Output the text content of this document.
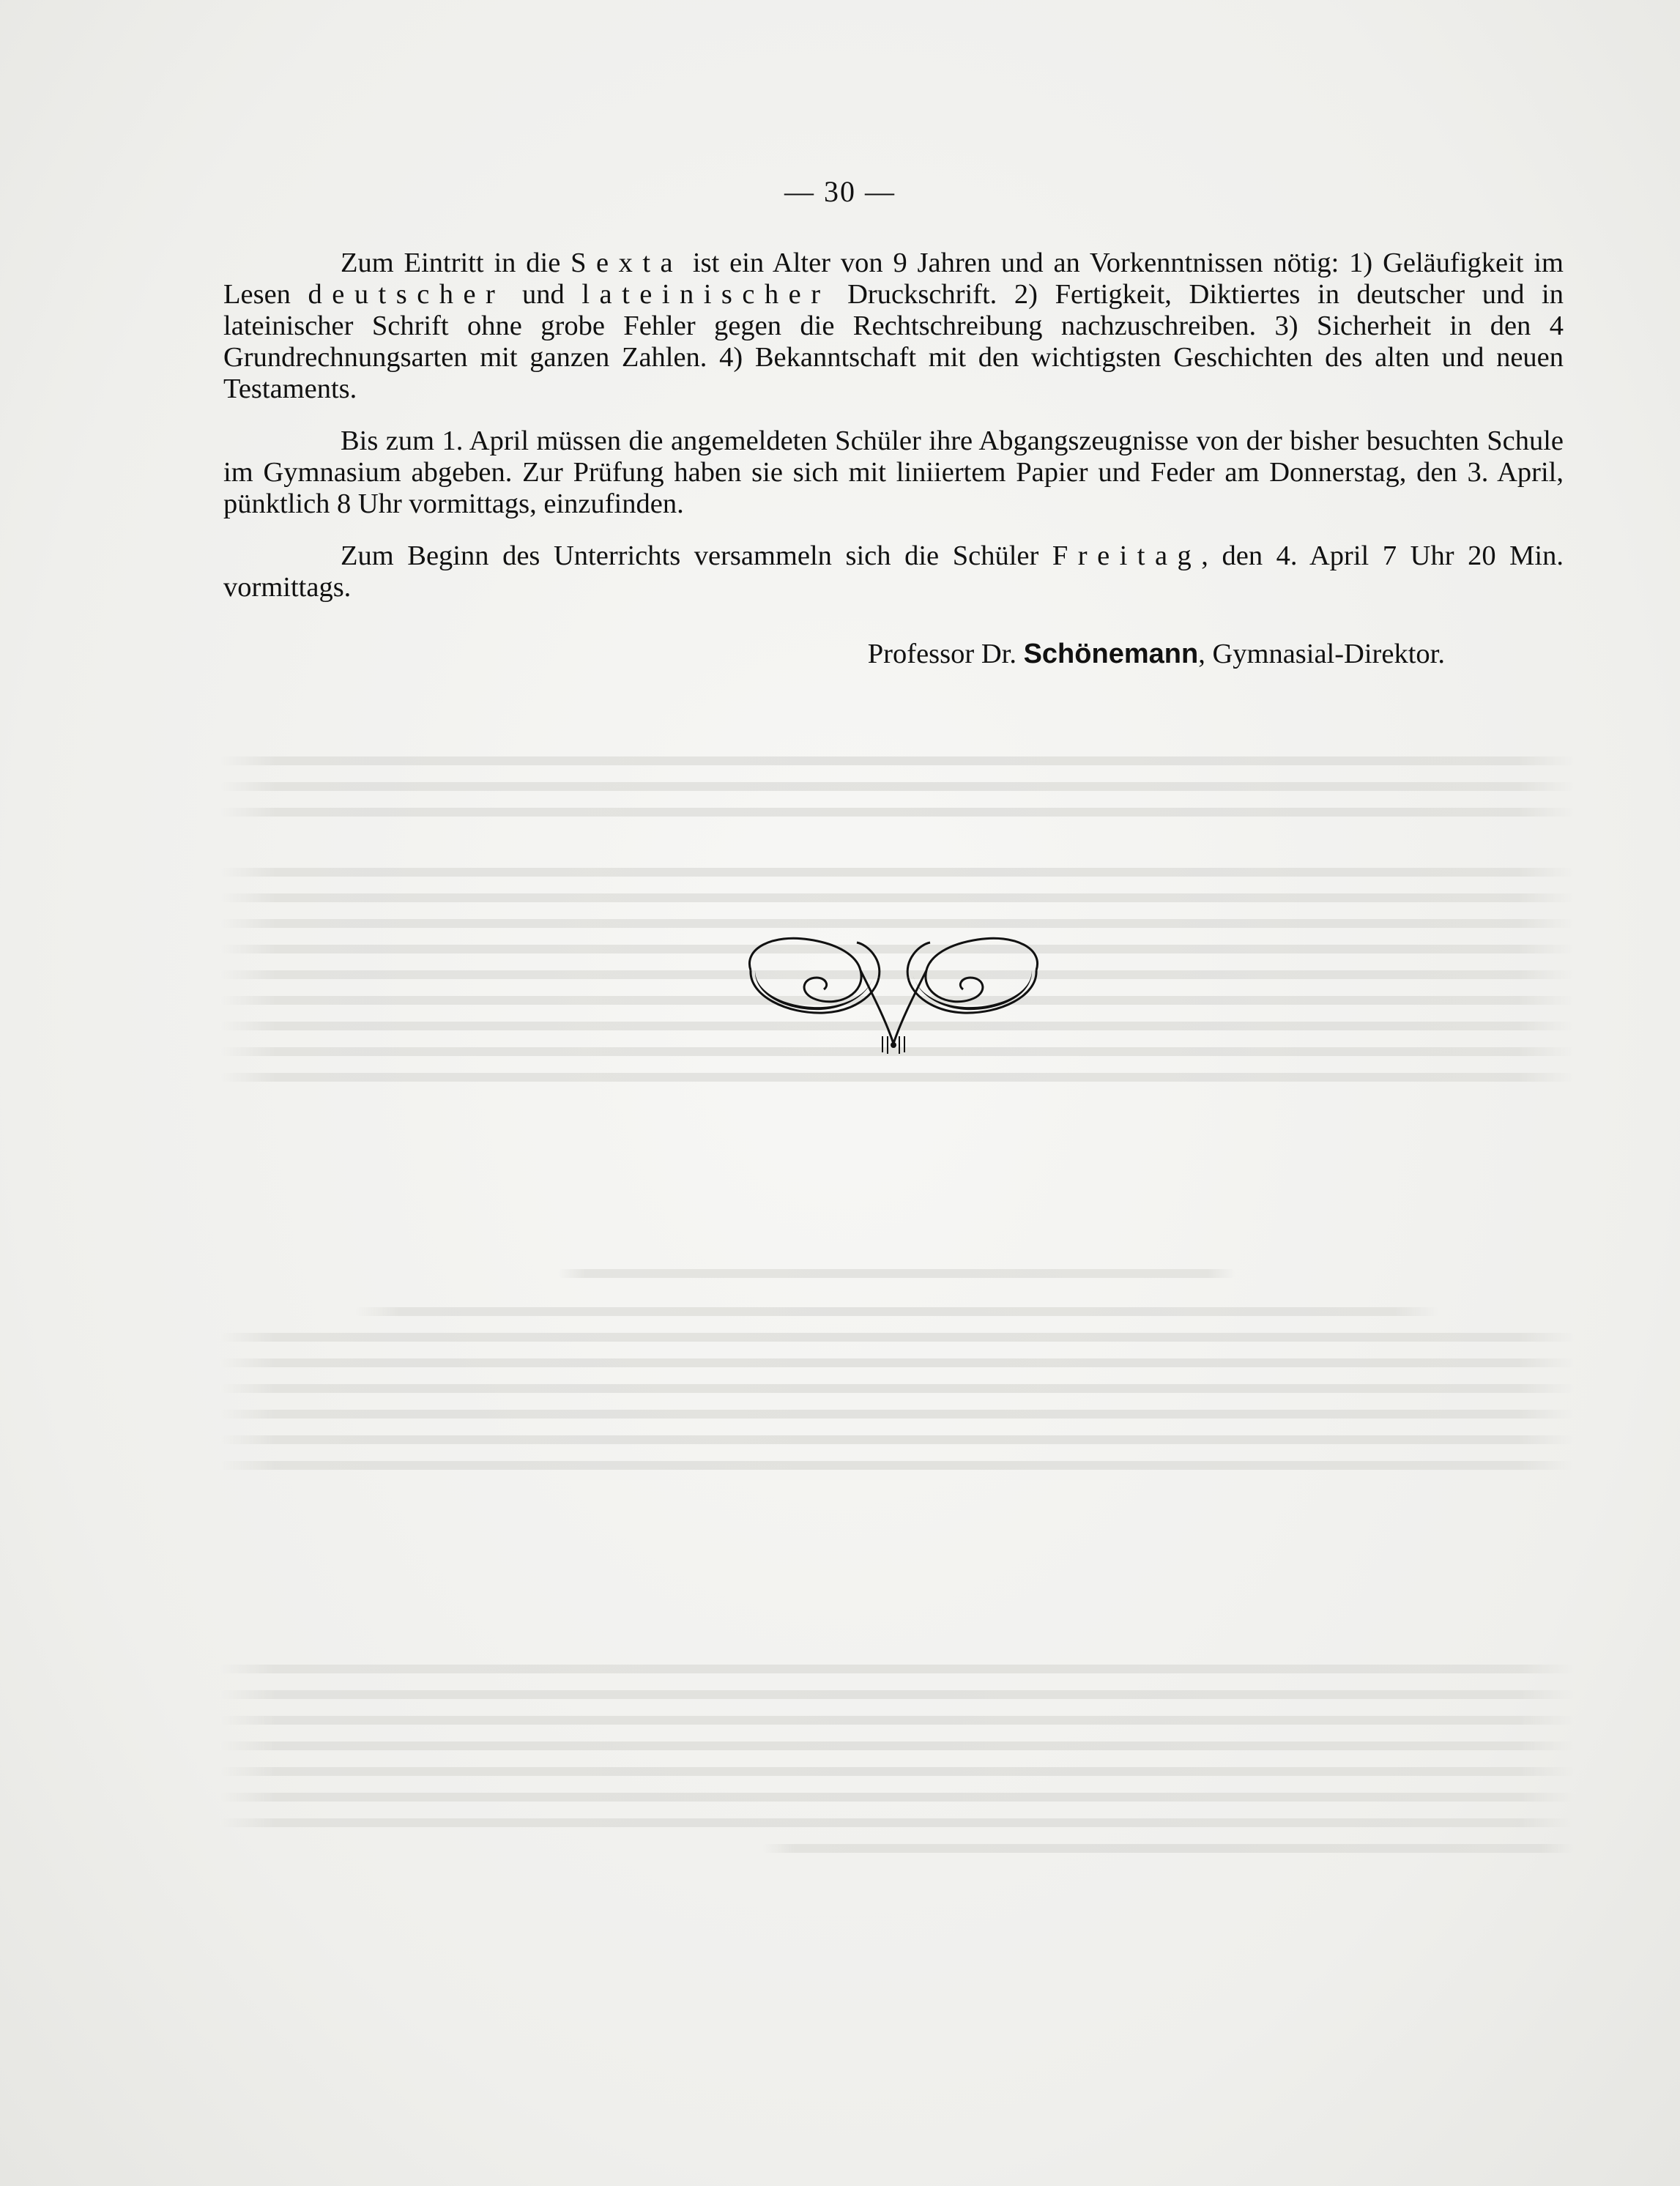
— 30 —

Zum Eintritt in die Sexta ist ein Alter von 9 Jahren und an Vorkenntnissen nötig: 1) Geläufigkeit im Lesen deutscher und lateinischer Druckschrift. 2) Fertigkeit, Diktiertes in deutscher und in lateinischer Schrift ohne grobe Fehler gegen die Rechtschreibung nachzuschreiben. 3) Sicherheit in den 4 Grundrechnungsarten mit ganzen Zahlen. 4) Bekanntschaft mit den wichtigsten Geschichten des alten und neuen Testaments.

Bis zum 1. April müssen die angemeldeten Schüler ihre Abgangszeugnisse von der bisher besuchten Schule im Gymnasium abgeben. Zur Prüfung haben sie sich mit liniiertem Papier und Feder am Donnerstag, den 3. April, pünktlich 8 Uhr vormittags, einzufinden.

Zum Beginn des Unterrichts versammeln sich die Schüler Freitag, den 4. April 7 Uhr 20 Min. vormittags.

Professor Dr. Schönemann, Gymnasial-Direktor.
